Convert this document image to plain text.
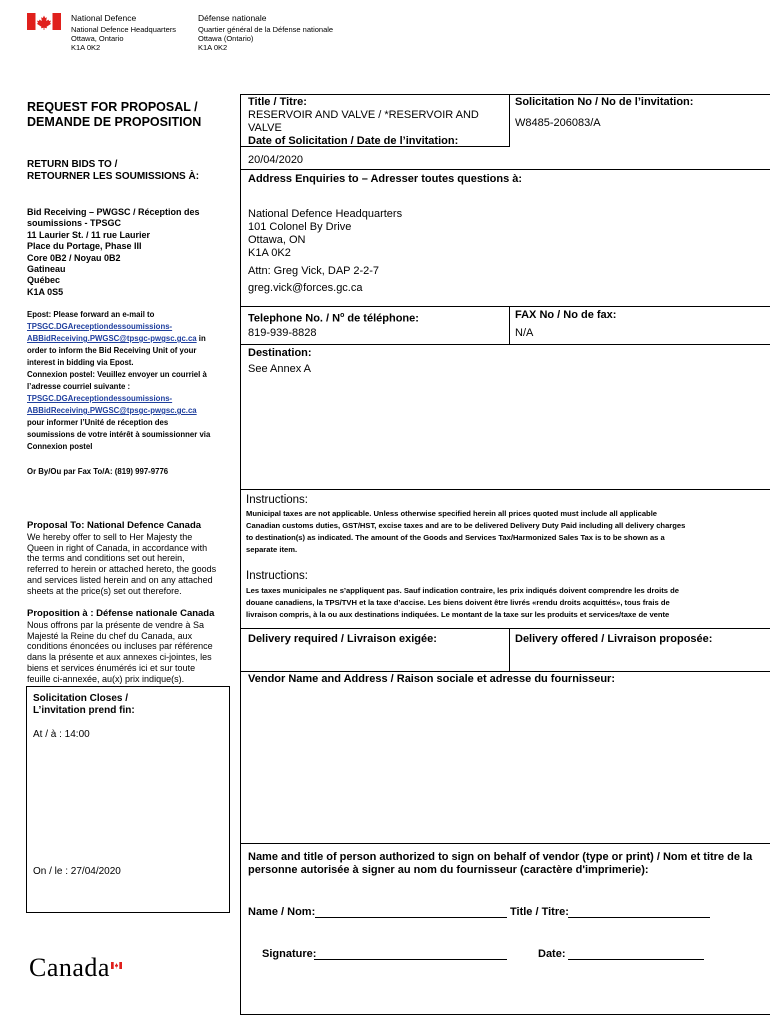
National Defence
National Defence Headquarters
Ottawa, Ontario
K1A 0K2
Défense nationale
Quartier général de la Défense nationale
Ottawa (Ontario)
K1A 0K2
REQUEST FOR PROPOSAL /
DEMANDE DE PROPOSITION
RETURN BIDS TO /
RETOURNER LES SOUMISSIONS À:
Bid Receiving – PWGSC / Réception des
soumissions - TPSGC
11 Laurier St. / 11 rue Laurier
Place du Portage, Phase III
Core 0B2 / Noyau 0B2
Gatineau
Québec
K1A 0S5
Epost: Please forward an e-mail to
TPSGC.DGAreceptiondessoumissions-
ABBidReceiving.PWGSC@tpsgc-pwgsc.gc.ca in
order to inform the Bid Receiving Unit of your
interest in bidding via Epost.
Connexion postel: Veuillez envoyer un courriel à
l’adresse courriel suivante :
TPSGC.DGAreceptiondessoumissions-
ABBidReceiving.PWGSC@tpsgc-pwgsc.gc.ca
pour informer l’Unité de réception des
soumissions de votre intérêt à soumissionner via
Connexion postel
Or By/Ou par Fax To/A: (819) 997-9776
Proposal To: National Defence Canada
We hereby offer to sell to Her Majesty the
Queen in right of Canada, in accordance with
the terms and conditions set out herein,
referred to herein or attached hereto, the goods
and services listed herein and on any attached
sheets at the price(s) set out therefore.
Proposition à : Défense nationale Canada
Nous offrons par la présente de vendre à Sa
Majesté la Reine du chef du Canada, aux
conditions énoncées ou incluses par référence
dans la présente et aux annexes ci-jointes, les
biens et services énumérés ici et sur toute
feuille ci-annexée, au(x) prix indique(s).
Solicitation Closes /
L’invitation prend fin:
At / à : 14:00
On / le : 27/04/2020
Canada
Title / Titre:
RESERVOIR AND VALVE / *RESERVOIR AND
VALVE
Solicitation No / No de l’invitation:
W8485-206083/A
Date of Solicitation / Date de l’invitation:
20/04/2020
Address Enquiries to – Adresser toutes questions à:
National Defence Headquarters
101 Colonel By Drive
Ottawa, ON
K1A 0K2
Attn: Greg Vick, DAP 2-2-7
greg.vick@forces.gc.ca
Telephone No. / $N^o$ de téléphone:
819-939-8828
FAX No / No de fax:
N/A
Destination:
See Annex A
Instructions:
Municipal taxes are not applicable. Unless otherwise specified herein all prices quoted must include all applicable
Canadian customs duties, GST/HST, excise taxes and are to be delivered Delivery Duty Paid including all delivery charges
to destination(s) as indicated. The amount of the Goods and Services Tax/Harmonized Sales Tax is to be shown as a
separate item.
Instructions:
Les taxes municipales ne s’appliquent pas. Sauf indication contraire, les prix indiqués doivent comprendre les droits de
douane canadiens, la TPS/TVH et la taxe d’accise. Les biens doivent être livrés «rendu droits acquittés», tous frais de
livraison compris, à la ou aux destinations indiquées. Le montant de la taxe sur les produits et services/taxe de vente
Delivery required / Livraison exigée:	Delivery offered / Livraison proposée:
Vendor Name and Address / Raison sociale et adresse du fournisseur:
Name and title of person authorized to sign on behalf of vendor (type or print) / Nom et titre de la
personne autorisée à signer au nom du fournisseur (caractère d'imprimerie):
Name / Nom:	Title / Titre:
Signature:	Date:
